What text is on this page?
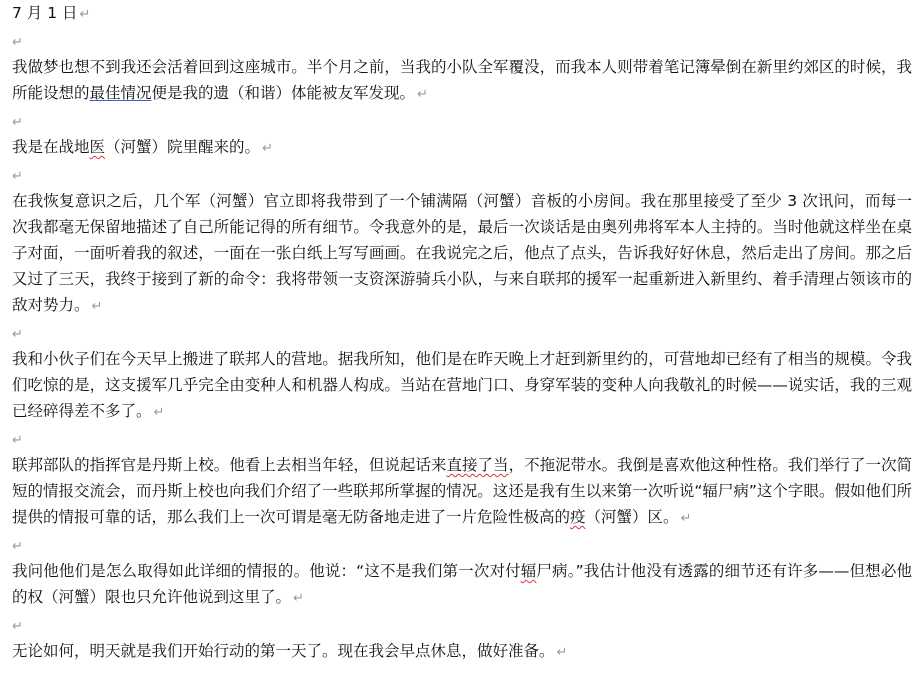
7 月 1 日 ↵

↵

我做梦也想不到我还会活着回到这座城市。半个月之前，当我的小队全军覆没，而我本人则带着笔记簿晕倒在新里约郊区的时候，我所能设想的最佳情况便是我的遗（和谐）体能被友军发现。 ↵

↵

我是在战地医（河蟹）院里醒来的。 ↵

↵

在我恢复意识之后，几个军（河蟹）官立即将我带到了一个铺满隔（河蟹）音板的小房间。我在那里接受了至少 3 次讯问，而每一次我都毫无保留地描述了自己所能记得的所有细节。令我意外的是，最后一次谈话是由奥列弗将军本人主持的。当时他就这样坐在桌子对面，一面听着我的叙述，一面在一张白纸上写写画画。在我说完之后，他点了点头，告诉我好好休息，然后走出了房间。那之后又过了三天，我终于接到了新的命令：我将带领一支资深游骑兵小队，与来自联邦的援军一起重新进入新里约、着手清理占领该市的敌对势力。 ↵

↵

我和小伙子们在今天早上搬进了联邦人的营地。据我所知，他们是在昨天晚上才赶到新里约的，可营地却已经有了相当的规模。令我们吃惊的是，这支援军几乎完全由变种人和机器人构成。当站在营地门口、身穿军装的变种人向我敬礼的时候——说实话，我的三观已经碎得差不多了。 ↵

↵

联邦部队的指挥官是丹斯上校。他看上去相当年轻，但说起话来直接了当，不拖泥带水。我倒是喜欢他这种性格。我们举行了一次简短的情报交流会，而丹斯上校也向我们介绍了一些联邦所掌握的情况。这还是我有生以来第一次听说“辐尸病”这个字眼。假如他们所提供的情报可靠的话，那么我们上一次可谓是毫无防备地走进了一片危险性极高的疫（河蟹）区。 ↵

↵

我问他他们是怎么取得如此详细的情报的。他说：“这不是我们第一次对付辐尸病。”我估计他没有透露的细节还有许多——但想必他的权（河蟹）限也只允许他说到这里了。 ↵

↵

无论如何，明天就是我们开始行动的第一天了。现在我会早点休息，做好准备。 ↵
